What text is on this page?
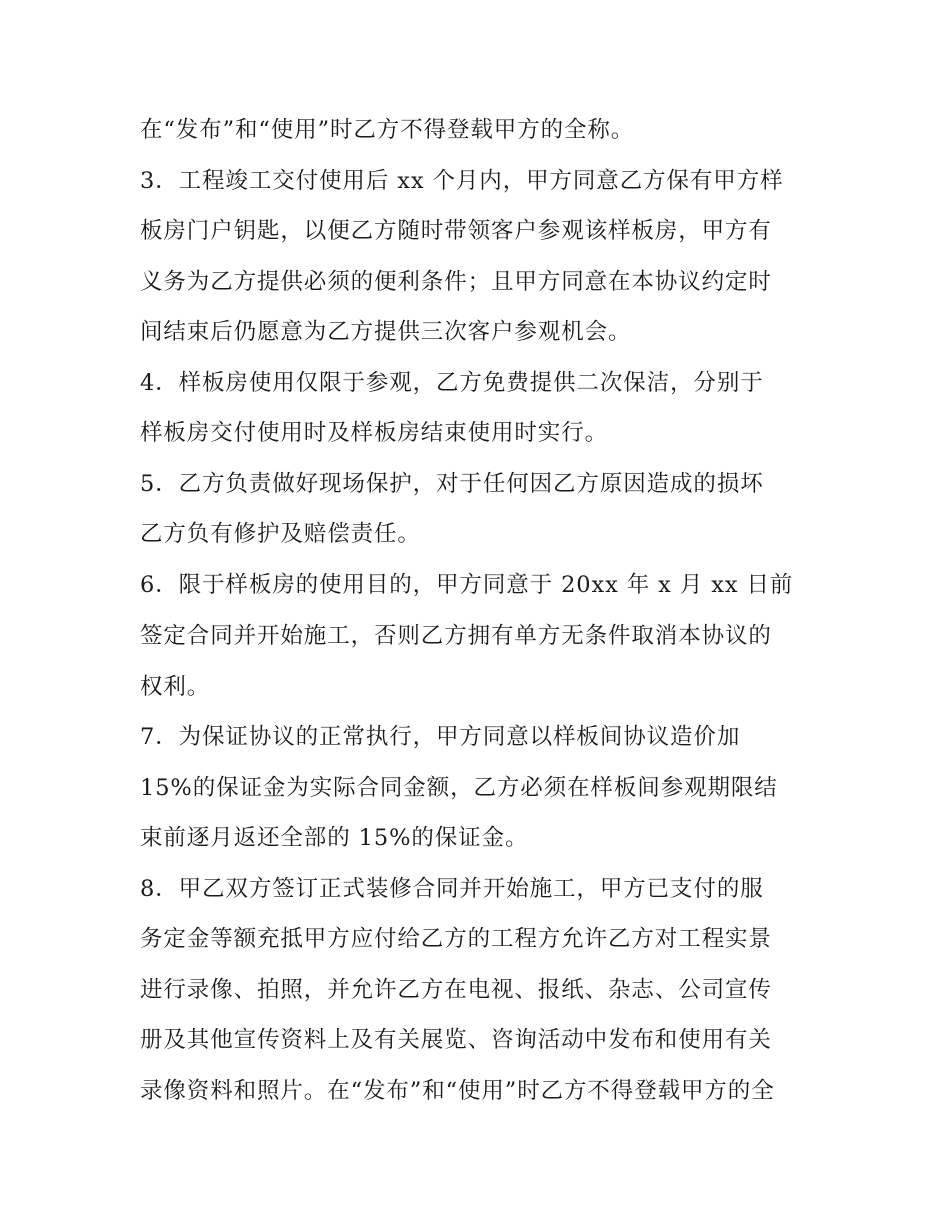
在“发布”和“使用”时乙方不得登载甲方的全称。
3．工程竣工交付使用后 xx 个月内，甲方同意乙方保有甲方样
板房门户钥匙，以便乙方随时带领客户参观该样板房，甲方有
义务为乙方提供必须的便利条件；且甲方同意在本协议约定时
间结束后仍愿意为乙方提供三次客户参观机会。
4．样板房使用仅限于参观，乙方免费提供二次保洁，分别于
样板房交付使用时及样板房结束使用时实行。
5．乙方负责做好现场保护，对于任何因乙方原因造成的损坏
乙方负有修护及赔偿责任。
6．限于样板房的使用目的，甲方同意于 20xx 年 x 月 xx 日前
签定合同并开始施工，否则乙方拥有单方无条件取消本协议的
权利。
7．为保证协议的正常执行，甲方同意以样板间协议造价加
15%的保证金为实际合同金额，乙方必须在样板间参观期限结
束前逐月返还全部的 15%的保证金。
8．甲乙双方签订正式装修合同并开始施工，甲方已支付的服
务定金等额充抵甲方应付给乙方的工程方允许乙方对工程实景
进行录像、拍照，并允许乙方在电视、报纸、杂志、公司宣传
册及其他宣传资料上及有关展览、咨询活动中发布和使用有关
录像资料和照片。在“发布”和“使用”时乙方不得登载甲方的全
